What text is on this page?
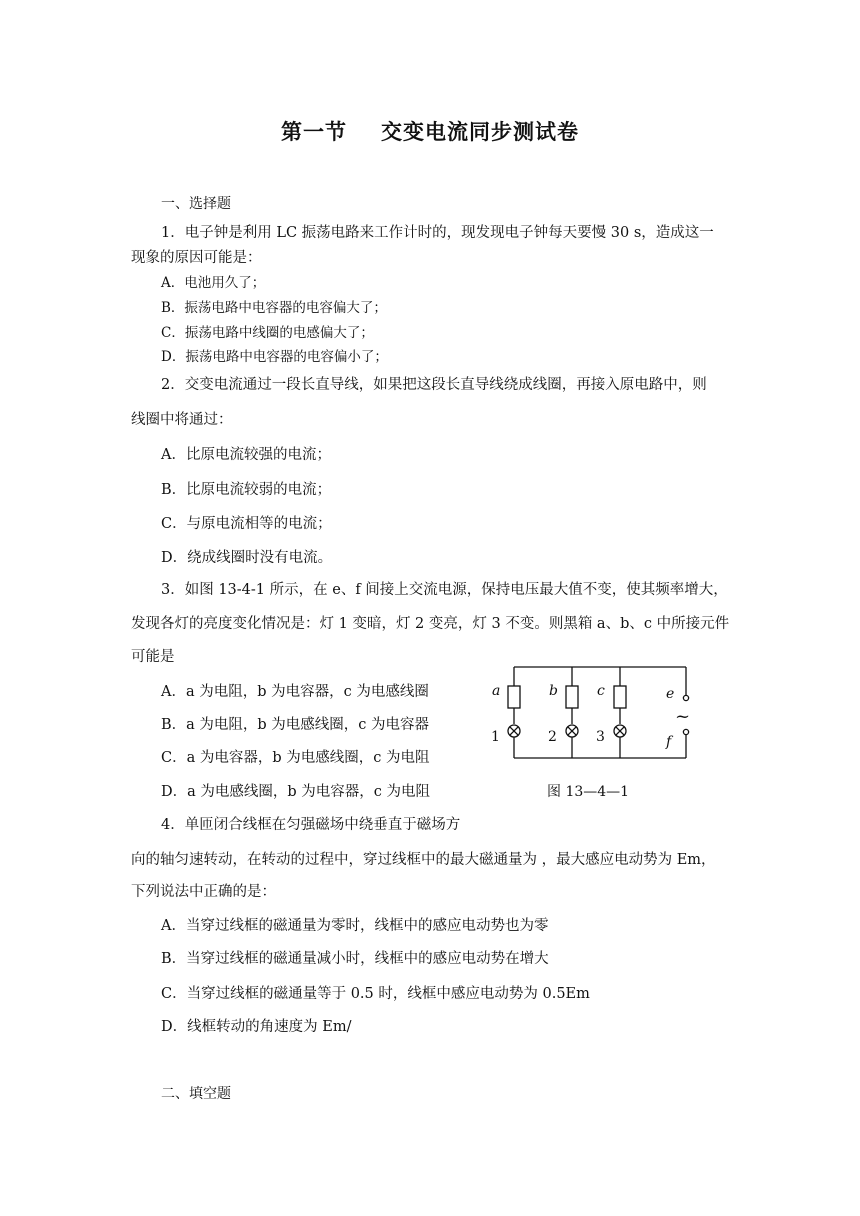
第一节 交变电流同步测试卷
一、选择题
1．电子钟是利用 LC 振荡电路来工作计时的，现发现电子钟每天要慢 30 s，造成这一
现象的原因可能是：
A．电池用久了；
B．振荡电路中电容器的电容偏大了；
C．振荡电路中线圈的电感偏大了；
D．振荡电路中电容器的电容偏小了；
2．交变电流通过一段长直导线，如果把这段长直导线绕成线圈，再接入原电路中，则
线圈中将通过：
A．比原电流较强的电流；
B．比原电流较弱的电流；
C．与原电流相等的电流；
D．绕成线圈时没有电流。
3．如图 13-4-1 所示，在 e、f 间接上交流电源，保持电压最大值不变，使其频率增大，
发现各灯的亮度变化情况是：灯 1 变暗，灯 2 变亮，灯 3 不变。则黑箱 a、b、c 中所接元件
可能是
A．a 为电阻，b 为电容器，c 为电感线圈
B．a 为电阻，b 为电感线圈，c 为电容器
C．a 为电容器，b 为电感线圈，c 为电阻
D．a 为电感线圈，b 为电容器，c 为电阻
a	b	c	e
f
1	2	3
~
图 13—4—1
4．单匝闭合线框在匀强磁场中绕垂直于磁场方
向的轴匀速转动，在转动的过程中，穿过线框中的最大磁通量为 ，最大感应电动势为 Em，
下列说法中正确的是：
A．当穿过线框的磁通量为零时，线框中的感应电动势也为零
B．当穿过线框的磁通量减小时，线框中的感应电动势在增大
C．当穿过线框的磁通量等于 0.5 时，线框中感应电动势为 0.5Em
D．线框转动的角速度为 Em/
二、填空题
